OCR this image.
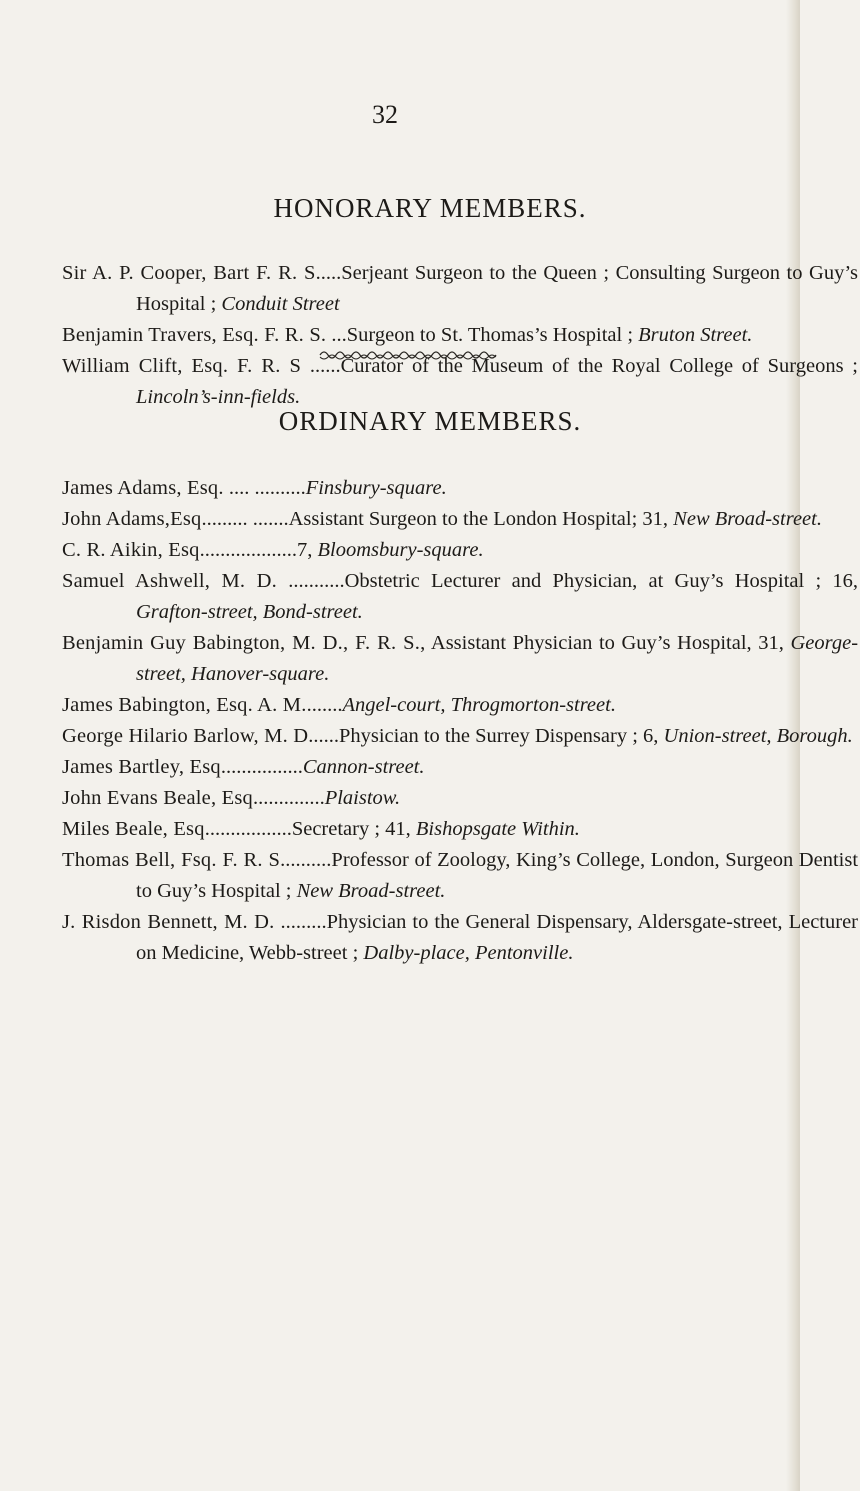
32
HONORARY MEMBERS.
Sir A. P. Cooper, Bart F. R. S.....Serjeant Surgeon to the Queen ; Consulting Surgeon to Guy’s Hospital ; Conduit Street
Benjamin Travers, Esq. F. R. S. ...Surgeon to St. Thomas’s Hospital ; Bruton Street.
William Clift, Esq. F. R. S ......Curator of the Museum of the Royal College of Surgeons ; Lincoln’s-inn-fields.
ORDINARY MEMBERS.
James Adams, Esq. .... ..........Finsbury-square.
John Adams,Esq......... .......Assistant Surgeon to the London Hospital; 31, New Broad-street.
C. R. Aikin, Esq...................7, Bloomsbury-square.
Samuel Ashwell, M. D. ...........Obstetric Lecturer and Physician, at Guy’s Hospital ; 16, Grafton-street, Bond-street.
Benjamin Guy Babington, M. D., F. R. S., Assistant Physician to Guy’s Hospital, 31, George-street, Hanover-square.
James Babington, Esq. A. M........Angel-court, Throgmorton-street.
George Hilario Barlow, M. D......Physician to the Surrey Dispensary ; 6, Union-street, Borough.
James Bartley, Esq................Cannon-street.
John Evans Beale, Esq..............Plaistow.
Miles Beale, Esq.................Secretary ; 41, Bishopsgate Within.
Thomas Bell, Fsq. F. R. S..........Professor of Zoology, King’s College, London, Surgeon Dentist to Guy’s Hospital ; New Broad-street.
J. Risdon Bennett, M. D. .........Physician to the General Dispensary, Aldersgate-street, Lecturer on Medicine, Webb-street ; Dalby-place, Pentonville.
